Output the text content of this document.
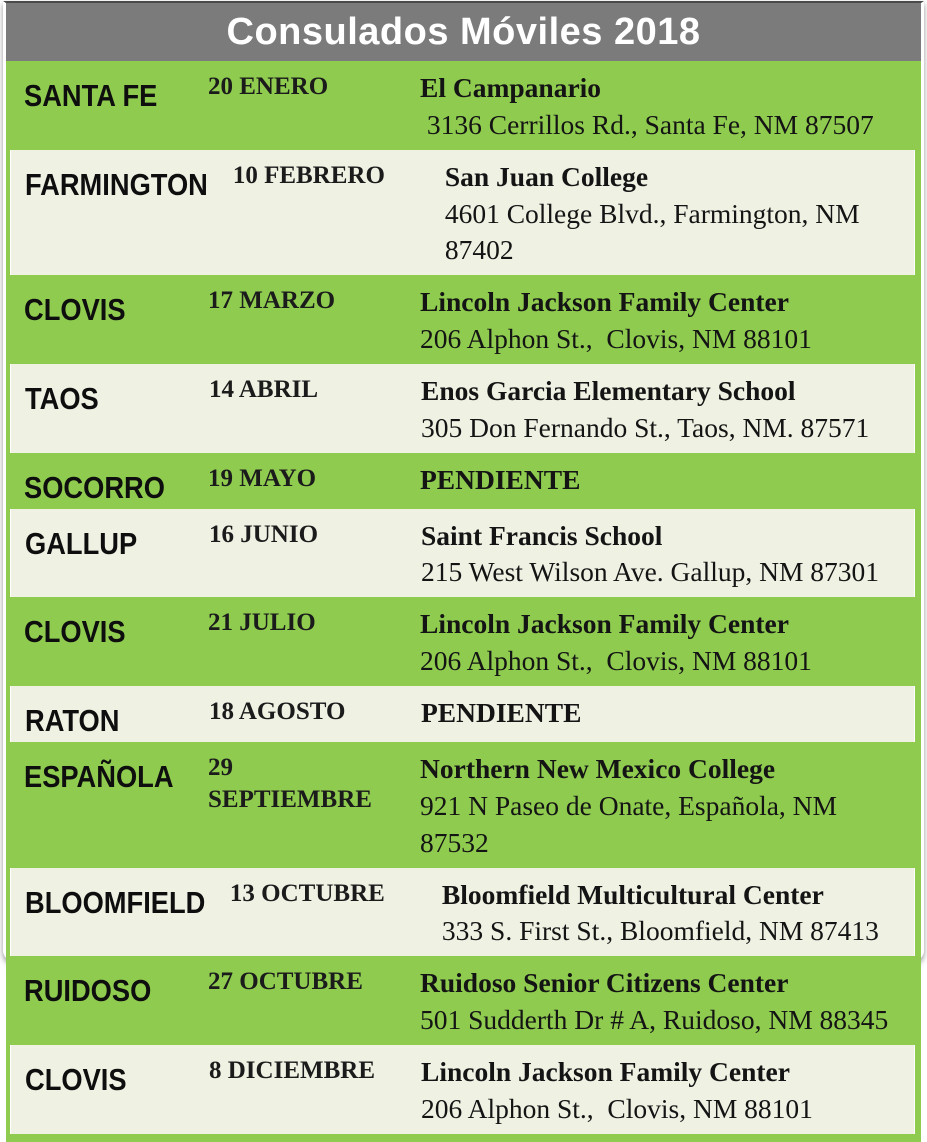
Consulados Móviles 2018
SANTA FE	20 ENERO	El Campanario
3136 Cerrillos Rd., Santa Fe, NM 87507
FARMINGTON 10 FEBRERO	San Juan College
4601 College Blvd., Farmington, NM 87402
CLOVIS	17 MARZO	Lincoln Jackson Family Center
206 Alphon St.,  Clovis, NM 88101
TAOS	14 ABRIL	Enos Garcia Elementary School
305 Don Fernando St., Taos, NM. 87571
SOCORRO	19 MAYO	PENDIENTE
GALLUP	16 JUNIO	Saint Francis School
215 West Wilson Ave. Gallup, NM 87301
CLOVIS	21 JULIO	Lincoln Jackson Family Center
206 Alphon St.,  Clovis, NM 88101
RATON	18 AGOSTO	PENDIENTE
ESPAÑOLA	29 SEPTIEMBRE
Northern New Mexico College
921 N Paseo de Onate, Española, NM 87532
BLOOMFIELD 13 OCTUBRE	Bloomfield Multicultural Center
333 S. First St., Bloomfield, NM 87413
RUIDOSO	27 OCTUBRE	Ruidoso Senior Citizens Center
501 Sudderth Dr # A, Ruidoso, NM 88345
CLOVIS	8 DICIEMBRE	Lincoln Jackson Family Center
206 Alphon St.,  Clovis, NM 88101
